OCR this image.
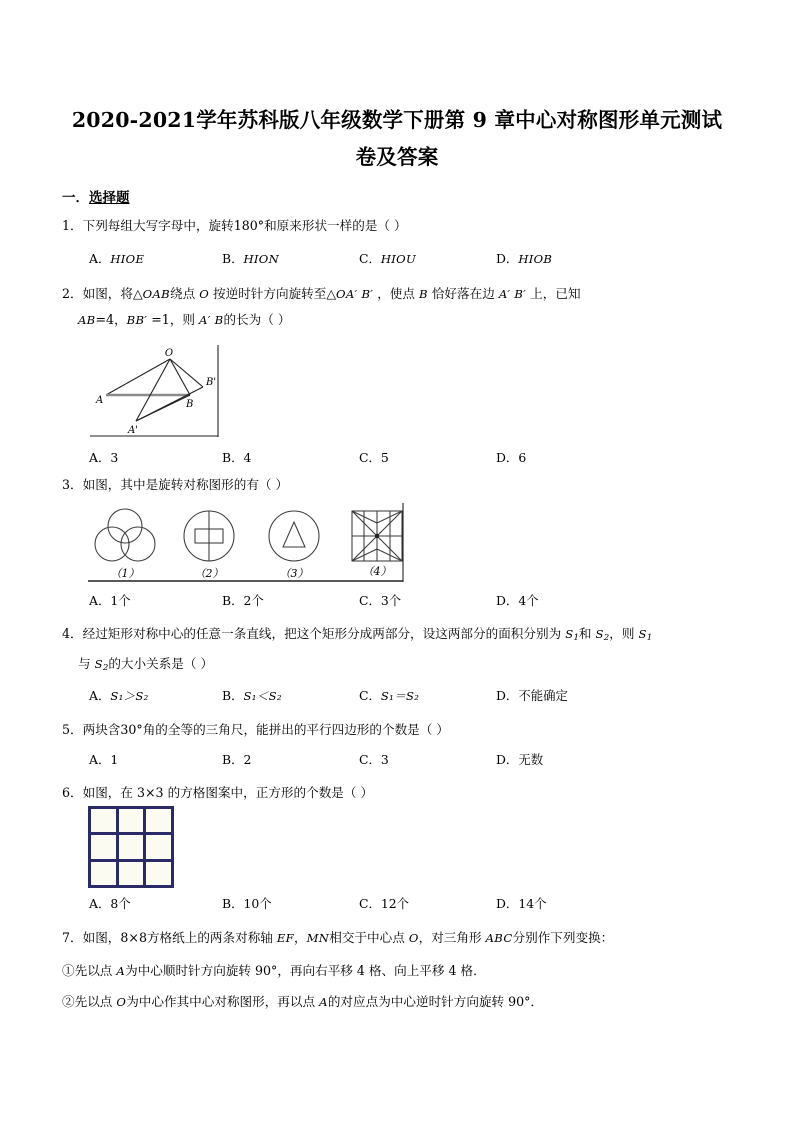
2020-2021学年苏科版八年级数学下册第 9 章中心对称图形单元测试
卷及答案
一．选择题
1．下列每组大写字母中，旋转180°和原来形状一样的是（ ）
A．HIOE	B．HION	C．HIOU	D．HIOB
2．如图，将△OAB绕点 O 按逆时针方向旋转至△OA′ B′ ，使点 B 恰好落在边 A′ B′ 上，已知
AB=4，BB′ =1，则 A′ B的长为（ ）
O
A	B
B'
A'
A．3	B．4	C．5	D．6
3．如图，其中是旋转对称图形的有（ ）
（1）	（2）	（3）	（4）
A．1个	B．2个	C．3个	D．4个
4．经过矩形对称中心的任意一条直线，把这个矩形分成两部分，设这两部分的面积分别为 $S_1$和 $S_2$，则 $S_1$
与 $S_2$的大小关系是（ ）
A．S₁＞S₂	B．S₁＜S₂	C．S₁＝S₂	D．不能确定
5．两块含30°角的全等的三角尺，能拼出的平行四边形的个数是（ ）
A．1	B．2	C．3	D．无数
6．如图，在 3×3 的方格图案中，正方形的个数是（ ）
A．8个	B．10个	C．12个	D．14个
7．如图，8×8方格纸上的两条对称轴 EF，MN相交于中心点 O，对三角形 ABC分别作下列变换：
①先以点 A为中心顺时针方向旋转 90°，再向右平移 4 格、向上平移 4 格．
②先以点 O为中心作其中心对称图形，再以点 A的对应点为中心逆时针方向旋转 90°．
